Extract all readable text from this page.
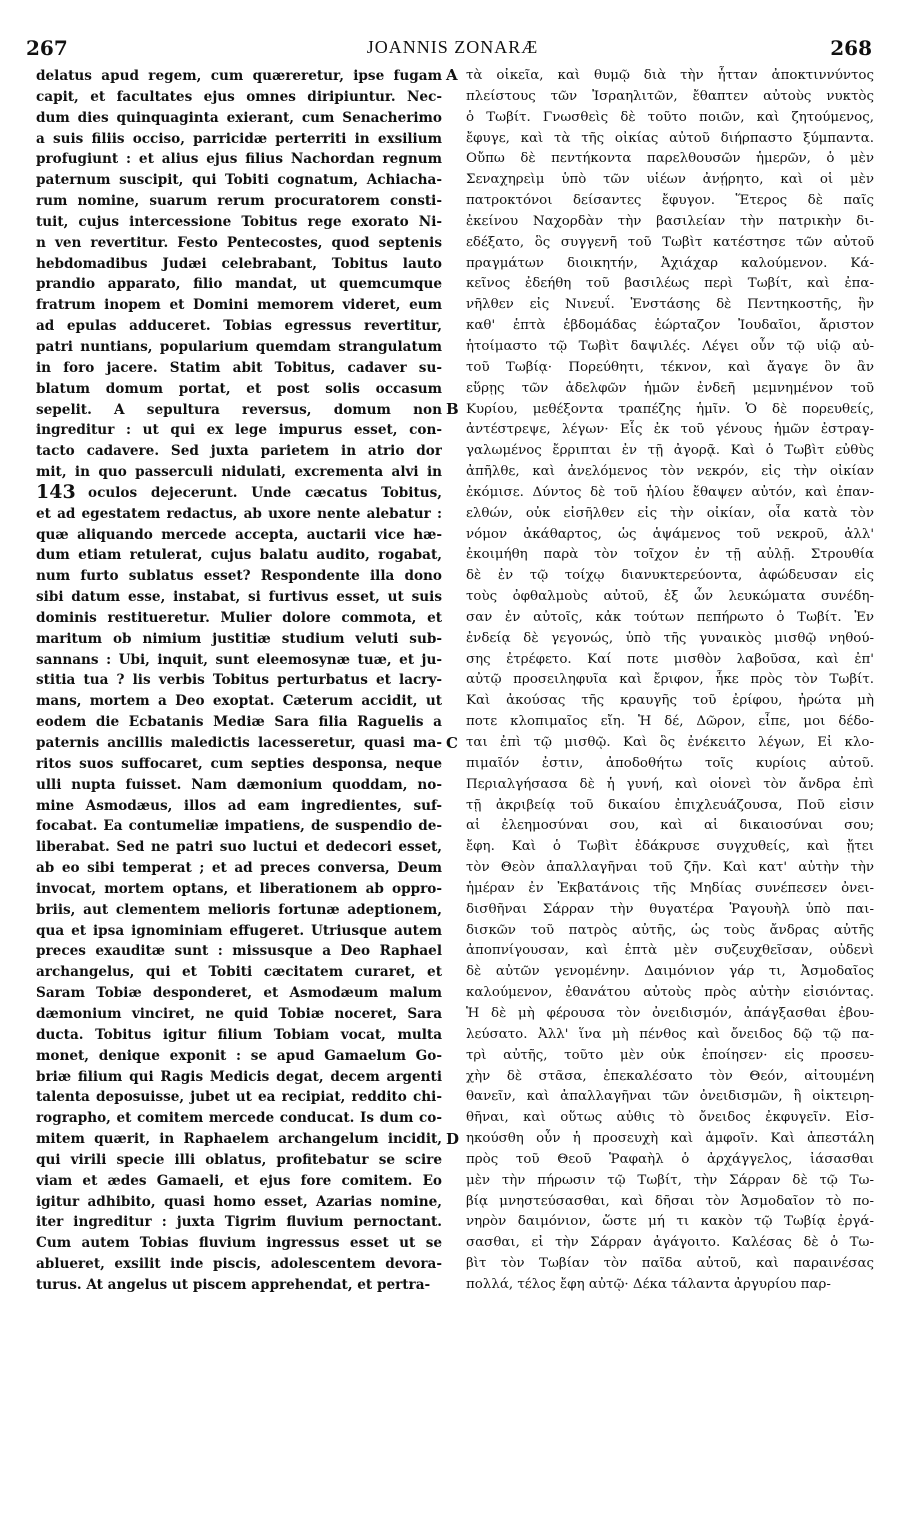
267	JOANNIS ZONARÆ	268
delatus apud regem, cum quæreretur, ipse fugam
capit, et facultates ejus omnes diripiuntur. Nec-
dum dies quinquaginta exierant, cum Senacherimo
a suis filiis occiso, parricidæ perterriti in exsilium
profugiunt : et alius ejus filius Nachordan regnum
paternum suscipit, qui Tobiti cognatum, Achiacha-
rum nomine, suarum rerum procuratorem consti-
tuit, cujus intercessione Tobitus rege exorato Ni-
n ven revertitur. Festo Pentecostes, quod septenis
hebdomadibus Judæi celebrabant, Tobitus lauto
prandio apparato, filio mandat, ut quemcumque
fratrum inopem et Domini memorem videret, eum
ad epulas adduceret. Tobias egressus revertitur,
patri nuntians, popularium quemdam strangulatum
in foro jacere. Statim abit Tobitus, cadaver su-
blatum domum portat, et post solis occasum
sepelit. A sepultura reversus, domum non
ingreditur : ut qui ex lege impurus esset, con-
tacto cadavere. Sed juxta parietem in atrio dor
mit, in quo passerculi nidulati, excrementa alvi in
oculos dejecerunt. Unde cæcatus Tobitus,
et ad egestatem redactus, ab uxore nente alebatur :
quæ aliquando mercede accepta, auctarii vice hæ-
dum etiam retulerat, cujus balatu audito, rogabat,
num furto sublatus esset? Respondente illa dono
sibi datum esse, instabat, si furtivus esset, ut suis
dominis restitueretur. Mulier dolore commota, et
maritum ob nimium justitiæ studium veluti sub-
sannans : Ubi, inquit, sunt eleemosynæ tuæ, et ju-
stitia tua ? lis verbis Tobitus perturbatus et lacry-
mans, mortem a Deo exoptat. Cæterum accidit, ut
eodem die Ecbatanis Mediæ Sara filia Raguelis a
paternis ancillis maledictis lacesseretur, quasi ma-
ritos suos suffocaret, cum septies desponsa, neque
ulli nupta fuisset. Nam dæmonium quoddam, no-
mine Asmodæus, illos ad eam ingredientes, suf-
focabat. Ea contumeliæ impatiens, de suspendio de-
liberabat. Sed ne patri suo luctui et dedecori esset,
ab eo sibi temperat ; et ad preces conversa, Deum
invocat, mortem optans, et liberationem ab oppro-
briis, aut clementem melioris fortunæ adeptionem,
qua et ipsa ignominiam effugeret. Utriusque autem
preces exauditæ sunt : missusque a Deo Raphael
archangelus, qui et Tobiti cæcitatem curaret, et
Saram Tobiæ desponderet, et Asmodæum malum
dæmonium vinciret, ne quid Tobiæ noceret, Sara
ducta. Tobitus igitur filium Tobiam vocat, multa
monet, denique exponit : se apud Gamaelum Go-
briæ filium qui Ragis Medicis degat, decem argenti
talenta deposuisse, jubet ut ea recipiat, reddito chi-
rographo, et comitem mercede conducat. Is dum co-
mitem quærit, in Raphaelem archangelum incidit,
qui virili specie illi oblatus, profitebatur se scire
viam et ædes Gamaeli, et ejus fore comitem. Eo
igitur adhibito, quasi homo esset, Azarias nomine,
iter ingreditur : juxta Tigrim fluvium pernoctant.
Cum autem Tobias fluvium ingressus esset ut se
ablueret, exsilit inde piscis, adolescentem devora-
turus. At angelus ut piscem apprehendat, et pertra-
τὰ οἰκεῖα, καὶ θυμῷ διὰ τὴν ἧτταν ἀποκτιννύντος
πλείστους τῶν Ἰσραηλιτῶν, ἔθαπτεν αὐτοὺς νυκτὸς
ὁ Τωβίτ. Γνωσθεὶς δὲ τοῦτο ποιῶν, καὶ ζητούμενος,
ἔφυγε, καὶ τὰ τῆς οἰκίας αὐτοῦ διήρπαστο ξύμπαντα.
Οὔπω δὲ πεντήκοντα παρελθουσῶν ἡμερῶν, ὁ μὲν
Σεναχηρεὶμ ὑπὸ τῶν υἱέων ἀνῄρητο, καὶ οἱ μὲν
πατροκτόνοι δείσαντες ἔφυγον. Ἕτερος δὲ παῖς
ἐκείνου Ναχορδὰν τὴν βασιλείαν τὴν πατρικὴν δι-
εδέξατο, ὃς συγγενῆ τοῦ Τωβὶτ κατέστησε τῶν αὐτοῦ
πραγμάτων διοικητήν, Ἀχιάχαρ καλούμενον. Κά-
κεῖνος ἐδεήθη τοῦ βασιλέως περὶ Τωβίτ, καὶ ἐπα-
νῆλθεν εἰς Νινευΐ. Ἐνστάσης δὲ Πεντηκοστῆς, ἣν
καθ' ἑπτὰ ἑβδομάδας ἑώρταζον Ἰουδαῖοι, ἄριστον
ἡτοίμαστο τῷ Τωβὶτ δαψιλές. Λέγει οὖν τῷ υἱῷ αὐ-
τοῦ Τωβίᾳ· Πορεύθητι, τέκνον, καὶ ἄγαγε ὃν ἂν
εὕρῃς τῶν ἀδελφῶν ἡμῶν ἐνδεῆ μεμνημένον τοῦ
Κυρίου, μεθέξοντα τραπέζης ἡμῖν. Ὁ δὲ πορευθείς,
ἀντέστρεψε, λέγων· Εἷς ἐκ τοῦ γένους ἡμῶν ἐστραγ-
γαλωμένος ἔρριπται ἐν τῇ ἀγορᾷ. Καὶ ὁ Τωβὶτ εὐθὺς
ἀπῆλθε, καὶ ἀνελόμενος τὸν νεκρόν, εἰς τὴν οἰκίαν
ἐκόμισε. Δύντος δὲ τοῦ ἡλίου ἔθαψεν αὐτόν, καὶ ἐπαν-
ελθών, οὐκ εἰσῆλθεν εἰς τὴν οἰκίαν, οἷα κατὰ τὸν
νόμον ἀκάθαρτος, ὡς ἁψάμενος τοῦ νεκροῦ, ἀλλ'
ἐκοιμήθη παρὰ τὸν τοῖχον ἐν τῇ αὐλῇ. Στρουθία
δὲ ἐν τῷ τοίχῳ διανυκτερεύοντα, ἀφώδευσαν εἰς
τοὺς ὀφθαλμοὺς αὐτοῦ, ἐξ ὧν λευκώματα συνέδη-
σαν ἐν αὐτοῖς, κἀκ τούτων πεπήρωτο ὁ Τωβίτ. Ἐν
ἐνδείᾳ δὲ γεγονώς, ὑπὸ τῆς γυναικὸς μισθῷ νηθού-
σης ἐτρέφετο. Καί ποτε μισθὸν λαβοῦσα, καὶ ἐπ'
αὐτῷ προσειληφυῖα καὶ ἔριφον, ἧκε πρὸς τὸν Τωβίτ.
Καὶ ἀκούσας τῆς κραυγῆς τοῦ ἐρίφου, ἠρώτα μὴ
ποτε κλοπιμαῖος εἴη. Ἡ δέ, Δῶρον, εἶπε, μοι δέδο-
ται ἐπὶ τῷ μισθῷ. Καὶ ὃς ἐνέκειτο λέγων, Εἰ κλο-
πιμαῖόν ἐστιν, ἀποδοθήτω τοῖς κυρίοις αὐτοῦ.
Περιαλγήσασα δὲ ἡ γυνή, καὶ οἱονεὶ τὸν ἄνδρα ἐπὶ
τῇ ἀκριβείᾳ τοῦ δικαίου ἐπιχλευάζουσα, Ποῦ εἰσιν
αἱ ἐλεημοσύναι σου, καὶ αἱ δικαιοσύναι σου;
ἔφη. Καὶ ὁ Τωβὶτ ἐδάκρυσε συγχυθείς, καὶ ᾔτει
τὸν Θεὸν ἀπαλλαγῆναι τοῦ ζῆν. Καὶ κατ' αὐτὴν τὴν
ἡμέραν ἐν Ἐκβατάνοις τῆς Μηδίας συνέπεσεν ὀνει-
δισθῆναι Σάρραν τὴν θυγατέρα Ῥαγουὴλ ὑπὸ παι-
δισκῶν τοῦ πατρὸς αὐτῆς, ὡς τοὺς ἄνδρας αὐτῆς
ἀποπνίγουσαν, καὶ ἑπτὰ μὲν συζευχθεῖσαν, οὐδενὶ
δὲ αὐτῶν γενομένην. Δαιμόνιον γάρ τι, Ἀσμοδαῖος
καλούμενον, ἐθανάτου αὐτοὺς πρὸς αὐτὴν εἰσιόντας.
Ἡ δὲ μὴ φέρουσα τὸν ὀνειδισμόν, ἀπάγξασθαι ἐβου-
λεύσατο. Ἀλλ' ἵνα μὴ πένθος καὶ ὄνειδος δῷ τῷ πα-
τρὶ αὐτῆς, τοῦτο μὲν οὐκ ἐποίησεν· εἰς προσευ-
χὴν δὲ στᾶσα, ἐπεκαλέσατο τὸν Θεόν, αἰτουμένη
θανεῖν, καὶ ἀπαλλαγῆναι τῶν ὀνειδισμῶν, ἢ οἰκτειρη-
θῆναι, καὶ οὕτως αὐθις τὸ ὄνειδος ἐκφυγεῖν. Εἰσ-
ηκούσθη οὖν ἡ προσευχὴ καὶ ἀμφοῖν. Καὶ ἀπεστάλη
πρὸς τοῦ Θεοῦ Ῥαφαὴλ ὁ ἀρχάγγελος, ἰάσασθαι
μὲν τὴν πήρωσιν τῷ Τωβίτ, τὴν Σάρραν δὲ τῷ Τω-
βίᾳ μνηστεύσασθαι, καὶ δῆσαι τὸν Ἀσμοδαῖον τὸ πο-
νηρὸν δαιμόνιον, ὥστε μή τι κακὸν τῷ Τωβίᾳ ἐργά-
σασθαι, εἰ τὴν Σάρραν ἀγάγοιτο. Καλέσας δὲ ὁ Τω-
βὶτ τὸν Τωβίαν τὸν παῖδα αὐτοῦ, καὶ παραινέσας
πολλά, τέλος ἔφη αὐτῷ· Δέκα τάλαντα ἀργυρίου παρ-
A
B
C
D
143
